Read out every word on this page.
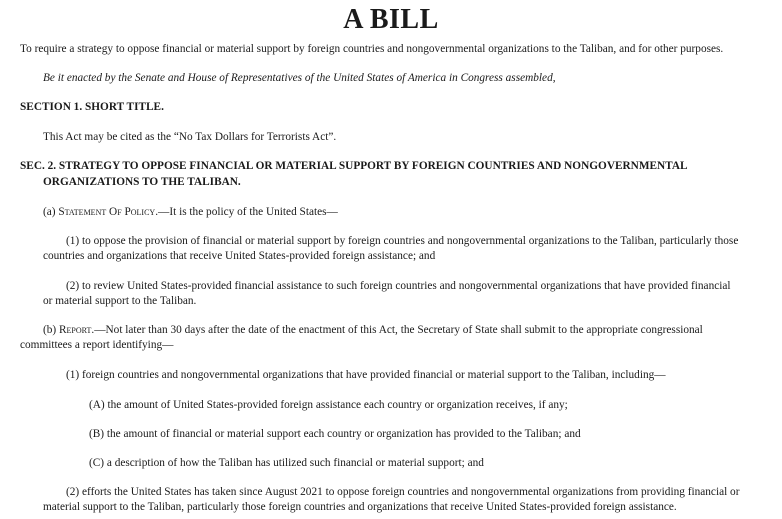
A BILL
To require a strategy to oppose financial or material support by foreign countries and nongovernmental organizations to the Taliban, and for other purposes.
Be it enacted by the Senate and House of Representatives of the United States of America in Congress assembled,
SECTION 1. SHORT TITLE.
This Act may be cited as the “No Tax Dollars for Terrorists Act”.
SEC. 2. STRATEGY TO OPPOSE FINANCIAL OR MATERIAL SUPPORT BY FOREIGN COUNTRIES AND NONGOVERNMENTAL
ORGANIZATIONS TO THE TALIBAN.
(a) Statement Of Policy.—It is the policy of the United States—
(1) to oppose the provision of financial or material support by foreign countries and nongovernmental organizations to the Taliban, particularly those
countries and organizations that receive United States-provided foreign assistance; and
(2) to review United States-provided financial assistance to such foreign countries and nongovernmental organizations that have provided financial
or material support to the Taliban.
(b) Report.—Not later than 30 days after the date of the enactment of this Act, the Secretary of State shall submit to the appropriate congressional
committees a report identifying—
(1) foreign countries and nongovernmental organizations that have provided financial or material support to the Taliban, including—
(A) the amount of United States-provided foreign assistance each country or organization receives, if any;
(B) the amount of financial or material support each country or organization has provided to the Taliban; and
(C) a description of how the Taliban has utilized such financial or material support; and
(2) efforts the United States has taken since August 2021 to oppose foreign countries and nongovernmental organizations from providing financial or
material support to the Taliban, particularly those foreign countries and organizations that receive United States-provided foreign assistance.
